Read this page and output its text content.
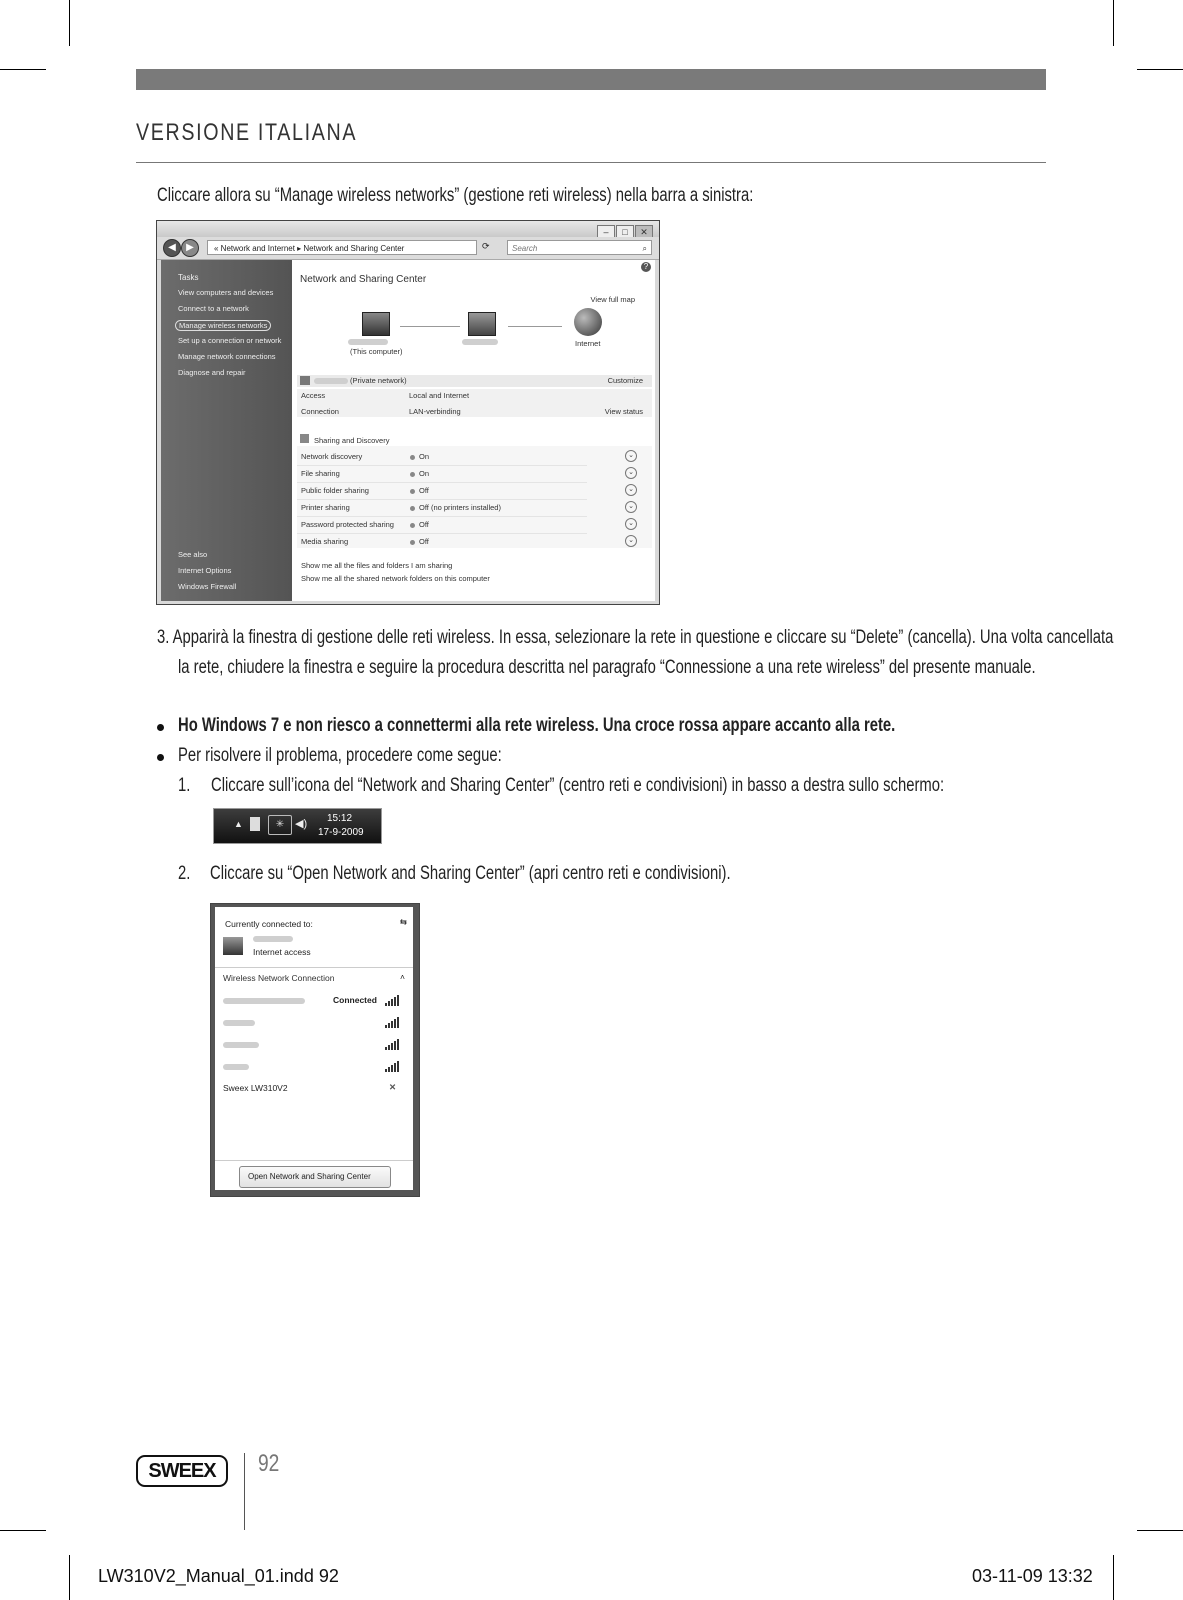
VERSIONE ITALIANA
Cliccare allora su “Manage wireless networks” (gestione reti wireless) nella barra a sinistra:
– □ ✕
◀	▶	« Network and Internet ▸ Network and Sharing Center	⟳	Search	⌕
Tasks
View computers and devices
Connect to a network
Manage wireless networks
Set up a connection or network
Manage network connections
Diagnose and repair
See also
Internet Options
Windows Firewall
?
Network and Sharing Center
View full map
(This computer)
Internet
(Private network)	Customize
Access	Local and Internet
Connection	LAN-verbinding	View status
Sharing and Discovery
Network discovery	On	⌄
File sharing	On	⌄
Public folder sharing	Off	⌄
Printer sharing	Off (no printers installed)	⌄
Password protected sharing	Off	⌄
Media sharing	Off	⌄
Show me all the files and folders I am sharing
Show me all the shared network folders on this computer
3. Apparirà la finestra di gestione delle reti wireless. In essa, selezionare la rete in questione e cliccare su “Delete” (cancella). Una volta cancellata
la rete, chiudere la finestra e seguire la procedura descritta nel paragrafo “Connessione a una rete wireless” del presente manuale.
Ho Windows 7 e non riesco a connettermi alla rete wireless. Una croce rossa appare accanto alla rete.
Per risolvere il problema, procedere come segue:
1. Cliccare sull’icona del “Network and Sharing Center” (centro reti e condivisioni) in basso a destra sullo schermo:
▲	✳ ◀) 15:12
17-9-2009
2. Cliccare su “Open Network and Sharing Center” (apri centro reti e condivisioni).
Currently connected to:	⇆
Internet access
Wireless Network Connection	˄
Connected
Sweex LW310V2	✕
Open Network and Sharing Center
SWEEX	92
LW310V2_Manual_01.indd 92	03-11-09 13:32
